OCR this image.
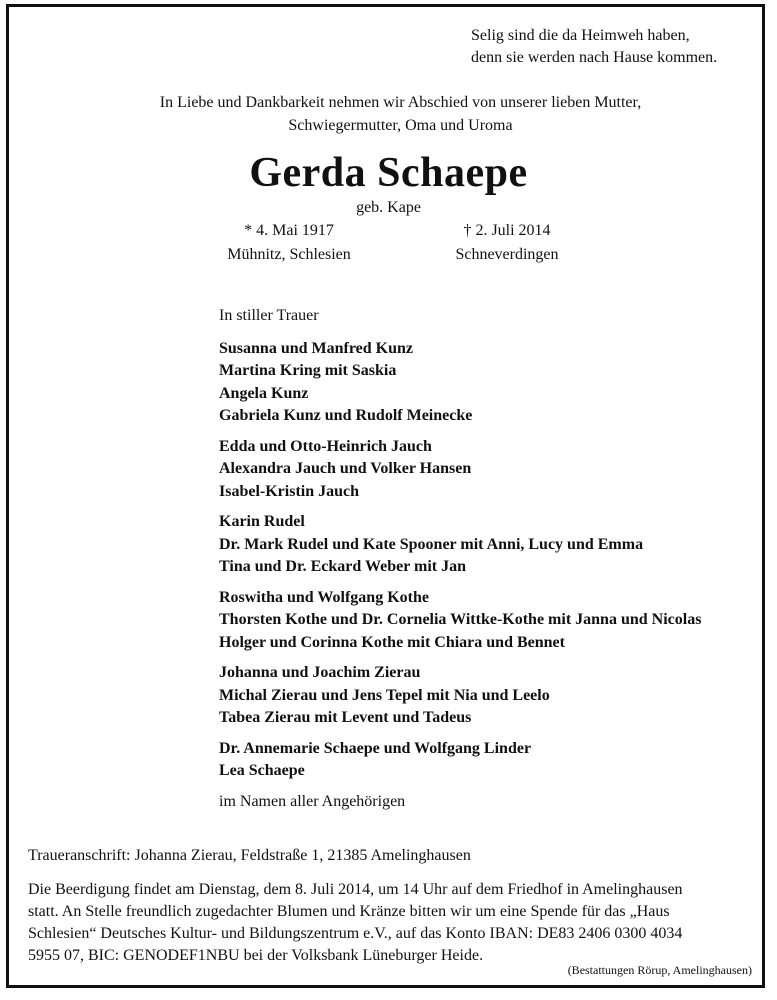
Selig sind die da Heimweh haben,
denn sie werden nach Hause kommen.
In Liebe und Dankbarkeit nehmen wir Abschied von unserer lieben Mutter,
Schwiegermutter, Oma und Uroma
Gerda Schaepe
geb. Kape
* 4. Mai 1917
Mühnitz, Schlesien
† 2. Juli 2014
Schneverdingen
In stiller Trauer
Susanna und Manfred Kunz
Martina Kring mit Saskia
Angela Kunz
Gabriela Kunz und Rudolf Meinecke
Edda und Otto-Heinrich Jauch
Alexandra Jauch und Volker Hansen
Isabel-Kristin Jauch
Karin Rudel
Dr. Mark Rudel und Kate Spooner mit Anni, Lucy und Emma
Tina und Dr. Eckard Weber mit Jan
Roswitha und Wolfgang Kothe
Thorsten Kothe und Dr. Cornelia Wittke-Kothe mit Janna und Nicolas
Holger und Corinna Kothe mit Chiara und Bennet
Johanna und Joachim Zierau
Michal Zierau und Jens Tepel mit Nia und Leelo
Tabea Zierau mit Levent und Tadeus
Dr. Annemarie Schaepe und Wolfgang Linder
Lea Schaepe
im Namen aller Angehörigen
Traueranschrift: Johanna Zierau, Feldstraße 1, 21385 Amelinghausen
Die Beerdigung findet am Dienstag, dem 8. Juli 2014, um 14 Uhr auf dem Friedhof in Amelinghausen
statt. An Stelle freundlich zugedachter Blumen und Kränze bitten wir um eine Spende für das „Haus
Schlesien“ Deutsches Kultur- und Bildungszentrum e.V., auf das Konto IBAN: DE83 2406 0300 4034
5955 07, BIC: GENODEF1NBU bei der Volksbank Lüneburger Heide.
(Bestattungen Rörup, Amelinghausen)
